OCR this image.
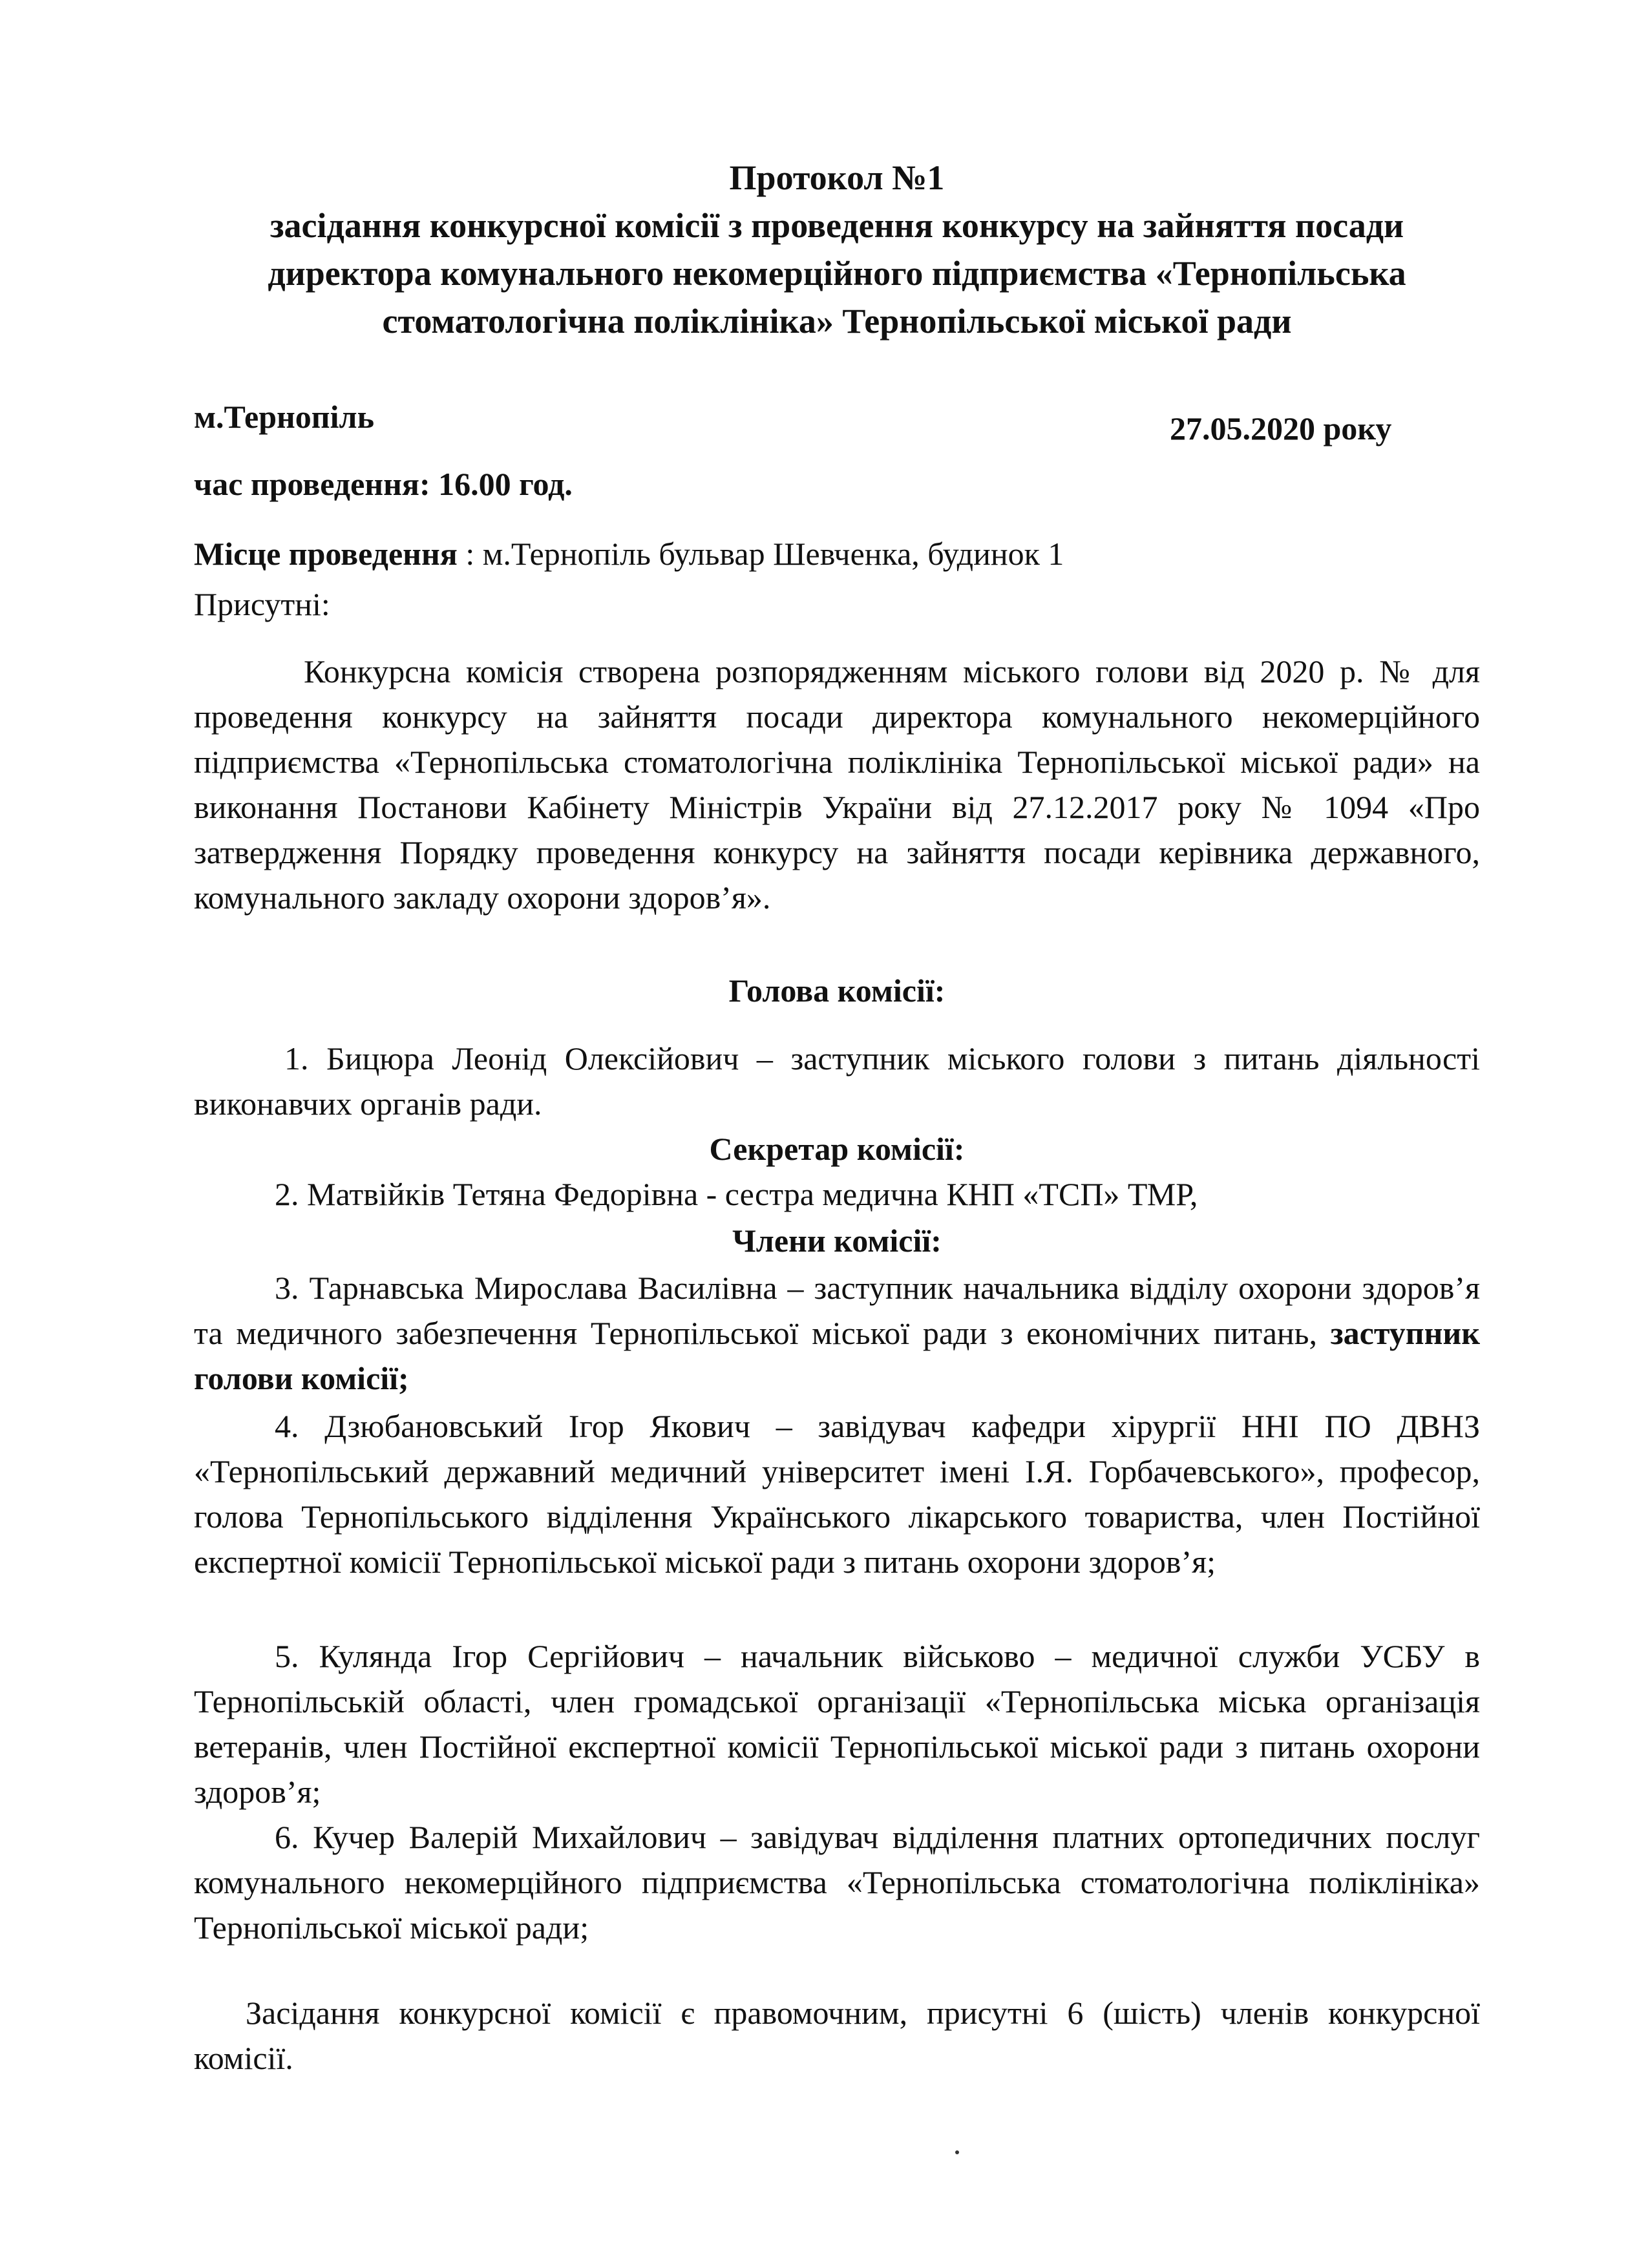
Протокол №1
засідання конкурсної комісії з проведення конкурсу на зайняття посади
директора комунального некомерційного підприємства «Тернопільська
стоматологічна поліклініка» Тернопільської міської ради
м.Тернопіль	27.05.2020 року
час проведення: 16.00 год.
Місце проведення : м.Тернопіль бульвар Шевченка, будинок 1
Присутні:

Конкурсна комісія створена розпорядженням міського голови від 2020 р. № для проведення конкурсу на зайняття посади директора комунального некомерційного підприємства «Тернопільська стоматологічна поліклініка Тернопільської міської ради» на виконання Постанови Кабінету Міністрів України від 27.12.2017 року № 1094 «Про затвердження Порядку проведення конкурсу на зайняття посади керівника державного, комунального закладу охорони здоров’я».

Голова комісії:

1. Бицюра Леонід Олексійович – заступник міського голови з питань діяльності виконавчих органів ради.

Секретар комісії:

2. Матвійків Тетяна Федорівна - сестра медична КНП «ТСП» ТМР,

Члени комісії:

3. Тарнавська Мирослава Василівна – заступник начальника відділу охорони здоров’я та медичного забезпечення Тернопільської міської ради з економічних питань, заступник голови комісії;

4. Дзюбановський Ігор Якович – завідувач кафедри хірургії ННІ ПО ДВНЗ «Тернопільський державний медичний університет імені І.Я. Горбачевського», професор, голова Тернопільського відділення Українського лікарського товариства, член Постійної експертної комісії Тернопільської міської ради з питань охорони здоров’я;

5. Кулянда Ігор Сергійович – начальник військово – медичної служби УСБУ в Тернопільській області, член громадської організації «Тернопільська міська організація ветеранів, член Постійної експертної комісії Тернопільської міської ради з питань охорони здоров’я;

6. Кучер Валерій Михайлович – завідувач відділення платних ортопедичних послуг комунального некомерційного підприємства «Тернопільська стоматологічна поліклініка» Тернопільської міської ради;

Засідання конкурсної комісії є правомочним, присутні 6 (шість) членів конкурсної комісії.
